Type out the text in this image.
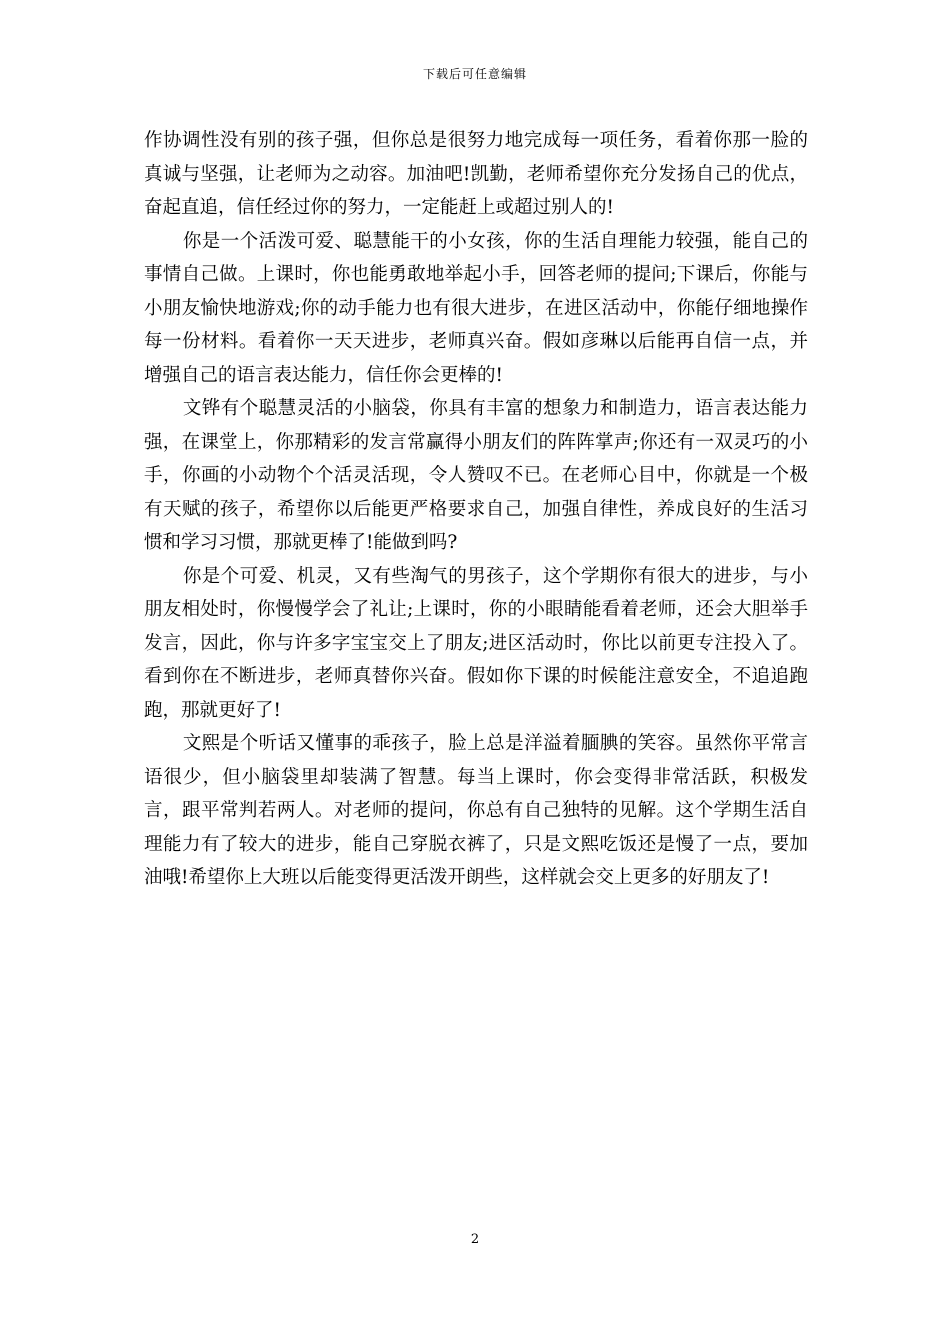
下载后可任意编辑

作协调性没有别的孩子强，但你总是很努力地完成每一项任务，看着你那一脸的真诚与坚强，让老师为之动容。加油吧!凯勤，老师希望你充分发扬自己的优点，奋起直追，信任经过你的努力，一定能赶上或超过别人的!

你是一个活泼可爱、聪慧能干的小女孩，你的生活自理能力较强，能自己的事情自己做。上课时，你也能勇敢地举起小手，回答老师的提问;下课后，你能与小朋友愉快地游戏;你的动手能力也有很大进步，在进区活动中，你能仔细地操作每一份材料。看着你一天天进步，老师真兴奋。假如彦琳以后能再自信一点，并增强自己的语言表达能力，信任你会更棒的!

文铧有个聪慧灵活的小脑袋，你具有丰富的想象力和制造力，语言表达能力强，在课堂上，你那精彩的发言常赢得小朋友们的阵阵掌声;你还有一双灵巧的小手，你画的小动物个个活灵活现，令人赞叹不已。在老师心目中，你就是一个极有天赋的孩子，希望你以后能更严格要求自己，加强自律性，养成良好的生活习惯和学习习惯，那就更棒了!能做到吗?

你是个可爱、机灵，又有些淘气的男孩子，这个学期你有很大的进步，与小朋友相处时，你慢慢学会了礼让;上课时，你的小眼睛能看着老师，还会大胆举手发言，因此，你与许多字宝宝交上了朋友;进区活动时，你比以前更专注投入了。看到你在不断进步，老师真替你兴奋。假如你下课的时候能注意安全，不追追跑跑，那就更好了!

文熙是个听话又懂事的乖孩子，脸上总是洋溢着腼腆的笑容。虽然你平常言语很少，但小脑袋里却装满了智慧。每当上课时，你会变得非常活跃，积极发言，跟平常判若两人。对老师的提问，你总有自己独特的见解。这个学期生活自理能力有了较大的进步，能自己穿脱衣裤了，只是文熙吃饭还是慢了一点，要加油哦!希望你上大班以后能变得更活泼开朗些，这样就会交上更多的好朋友了!

2
